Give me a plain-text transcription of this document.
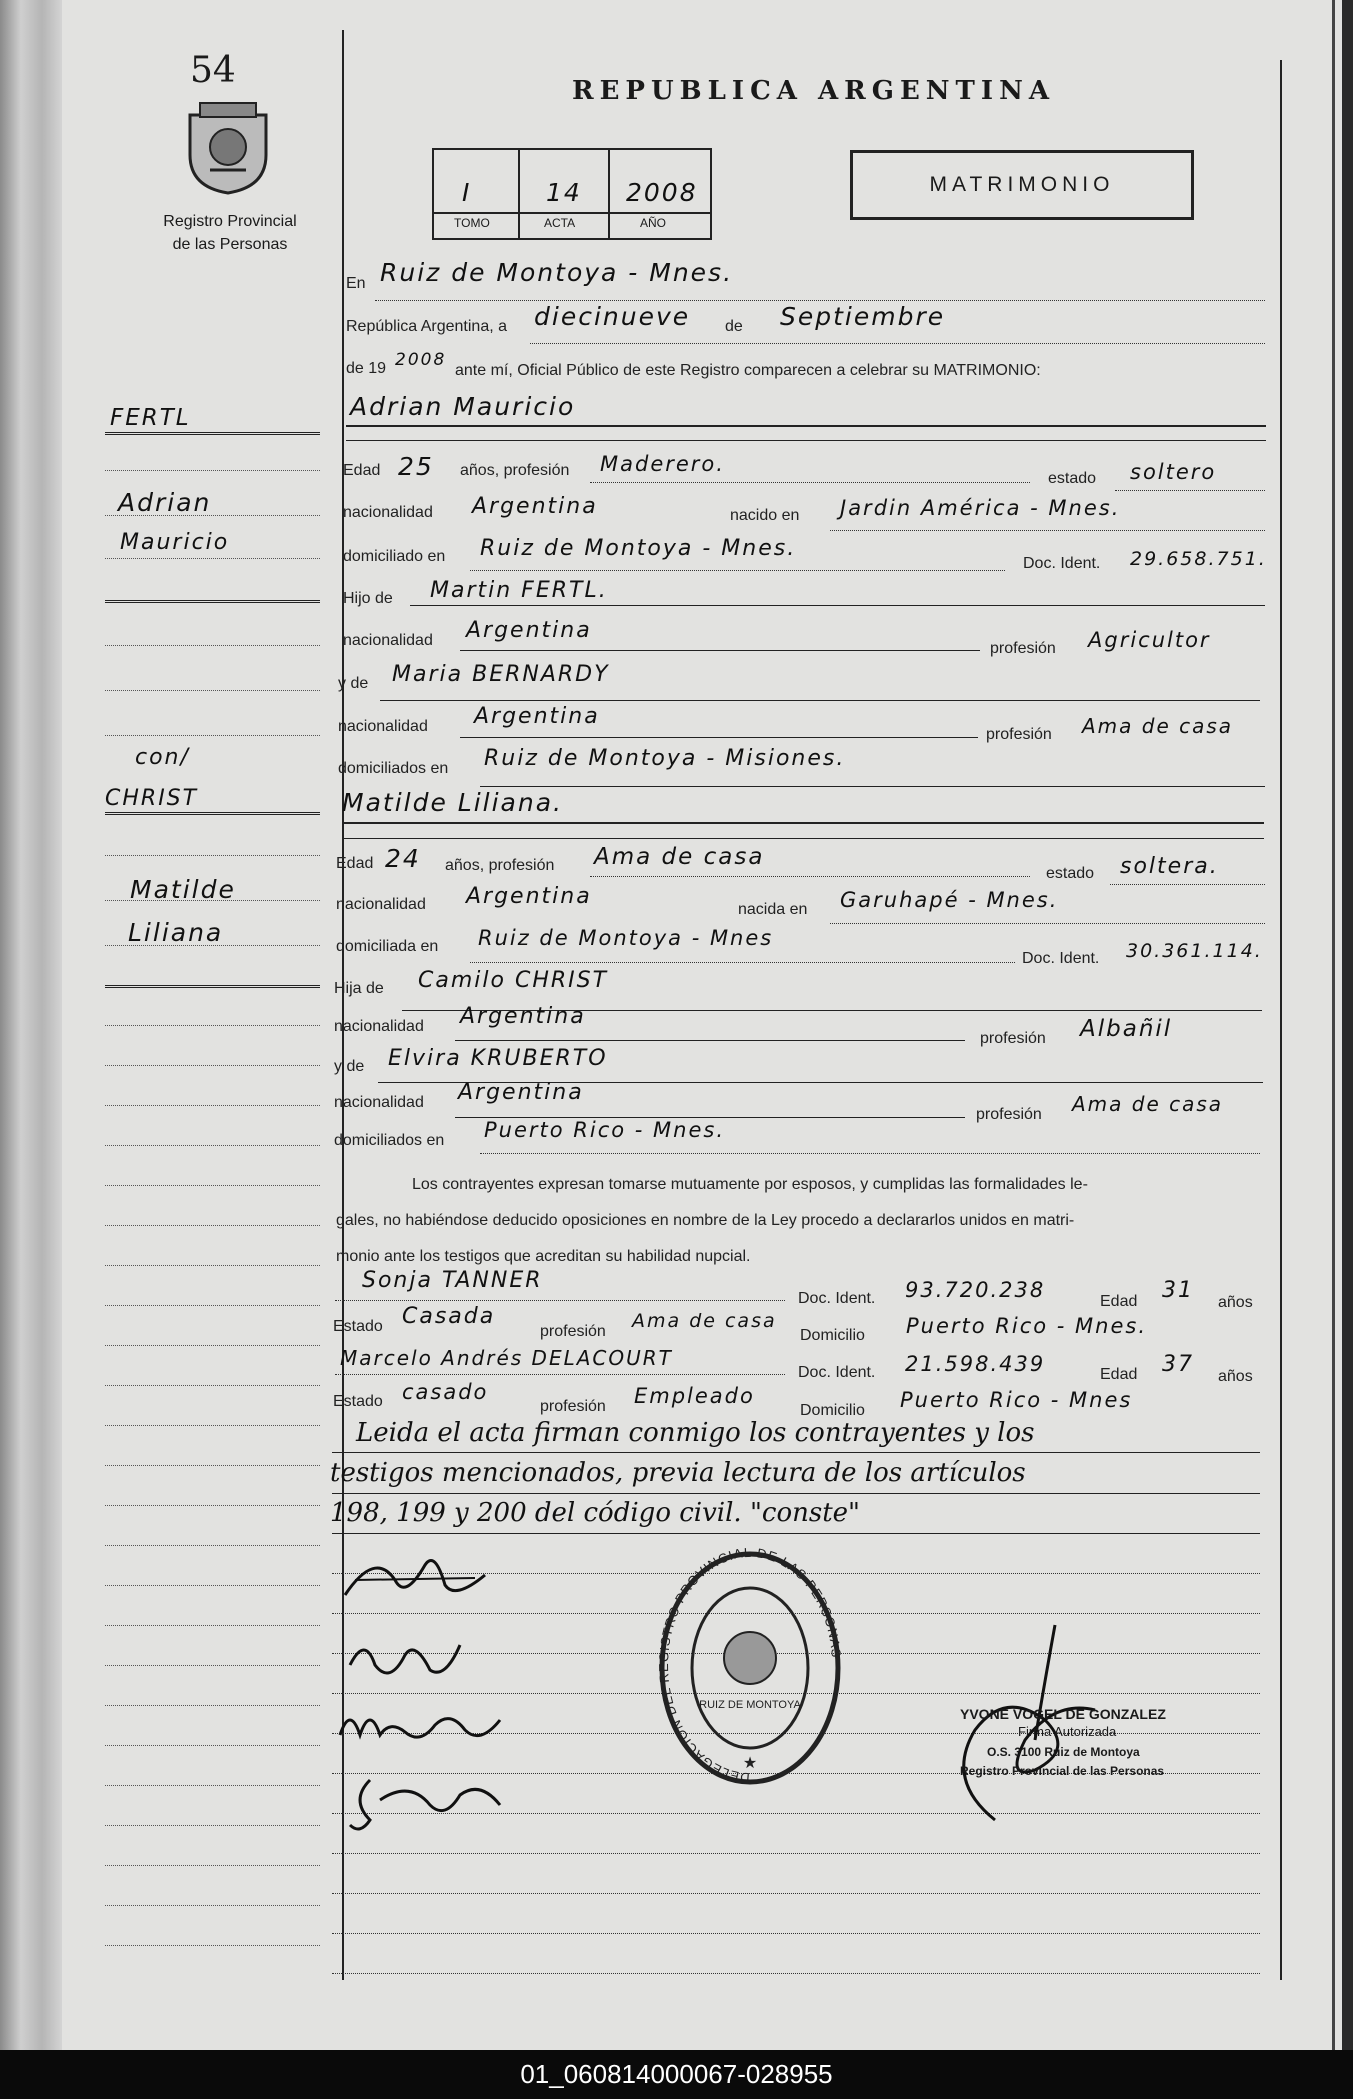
54
Registro Provincial
de las Personas
REPUBLICA ARGENTINA
I	14 2008
TOMO	ACTA	AÑO
MATRIMONIO
En Ruiz de Montoya - Mnes.
República Argentina, a diecinueve de Septiembre
de 19 2008
ante mí, Oficial Público de este Registro comparecen a celebrar su MATRIMONIO:
FERTL
Adrian
Mauricio
con/
CHRIST
Matilde
Liliana
Adrian Mauricio
Edad 25 años, profesión Maderero.
estado soltero
nacionalidad Argentina	nacido en Jardin América - Mnes.
domiciliado en Ruiz de Montoya - Mnes.
Doc. Ident. 29.658.751.
Hijo de Martin FERTL.
nacionalidad Argentina
profesión Agricultor
y de Maria BERNARDY
nacionalidad Argentina
profesión Ama de casa
domiciliados en Ruiz de Montoya - Misiones.
Matilde Liliana.
Edad 24 años, profesión Ama de casa
estado soltera.
nacionalidad Argentina
nacida en Garuhapé - Mnes.
domiciliada en Ruiz de Montoya - Mnes
Doc. Ident. 30.361.114.
Hija de Camilo CHRIST
nacionalidad Argentina
profesión Albañil
y de Elvira KRUBERTO
nacionalidad Argentina
profesión Ama de casa
domiciliados en Puerto Rico - Mnes.
Los contrayentes expresan tomarse mutuamente por esposos, y cumplidas las formalidades le-
gales, no habiéndose deducido oposiciones en nombre de la Ley procedo a declararlos unidos en matri-
monio ante los testigos que acreditan su habilidad nupcial.
Sonja TANNER
Doc. Ident. 93.720.238	Edad 31 años
Estado Casada
profesión Ama de casa
Domicilio Puerto Rico - Mnes.
Marcelo Andrés DELACOURT
Doc. Ident. 21.598.439	Edad 37 años
Estado casado
profesión Empleado
Domicilio Puerto Rico - Mnes
Leida el acta firman conmigo los contrayentes y los
testigos mencionados, previa lectura de los artículos
198, 199 y 200 del código civil. "conste"
DELEGACION DEL REGISTRO PROVINCIAL DE LAS PERSONAS
RUIZ DE MONTOYA
★
YVONE VOGEL DE GONZALEZ
Firma Autorizada
O.S. 3100 Ruiz de Montoya
Registro Provincial de las Personas
01_060814000067-028955
